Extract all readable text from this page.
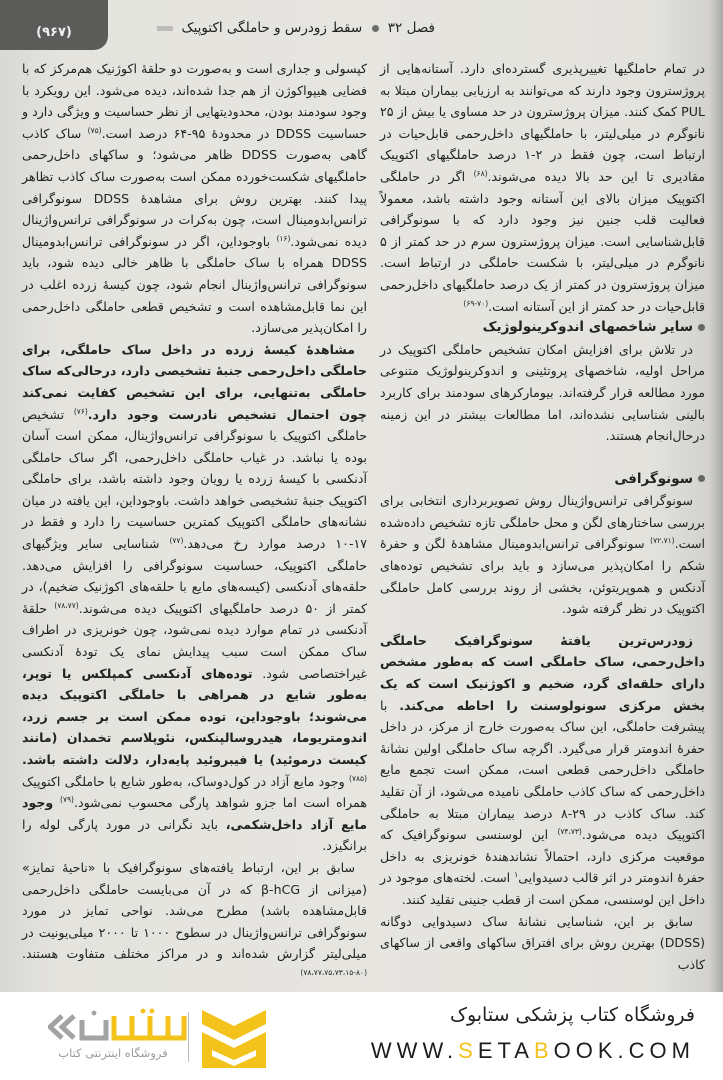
(۹۶۷)	فصل ۳۲  سقط زودرس و حاملگی اکتوپیک

در تمام حاملگیها تغییرپذیری گسترده‌ای دارد. آستانه‌هایی از پروژسترون وجود دارند که می‌توانند به ارزیابی بیماران مبتلا به PUL کمک کنند. میزان پروژسترون در حد مساوی یا بیش از ۲۵ نانوگرم در میلی‌لیتر، با حاملگیهای داخل‌رحمی قابل‌حیات در ارتباط است، چون فقط در ۲-۱ درصد حاملگیهای اکتوپیک مقادیری تا این حد بالا دیده می‌شوند.$^{(۶۸)}$ اگر در حاملگی اکتوپیک میزان بالای این آستانه وجود داشته باشد، معمولاً فعالیت قلب جنین نیز وجود دارد که با سونوگرافی قابل‌شناسایی است. میزان پروژسترون سرم در حد کمتر از ۵ نانوگرم در میلی‌لیتر، با شکست حاملگی در ارتباط است. میزان پروژسترون در کمتر از یک درصد حاملگیهای داخل‌رحمی قابل‌حیات در حد کمتر از این آستانه است.$^{(۷۰-۶۹)}$

سایر شاخصهای اندوکرینولوژیک

در تلاش برای افزایش امکان تشخیص حاملگی اکتوپیک در مراحل اولیه، شاخصهای پروتئینی و اندوکرینولوژیک متنوعی مورد مطالعه قرار گرفته‌اند. بیومارکرهای سودمند برای کاربرد بالینی شناسایی نشده‌اند، اما مطالعات بیشتر در این زمینه درحال‌انجام هستند.

سونوگرافی

سونوگرافی ترانس‌واژینال روش تصویربرداری انتخابی برای بررسی ساختارهای لگن و محل حاملگی تازه تشخیص داده‌شده است.$^{(۷۲،۷۱)}$ سونوگرافی ترانس‌ابدومینال مشاهدهٔ لگن و حفرهٔ شکم را امکان‌پذیر می‌سازد و باید برای تشخیص توده‌های آدنکس و هموپریتوئن، بخشی از روند بررسی کامل حاملگی اکتوپیک در نظر گرفته شود.

زودرس‌ترین یافتهٔ سونوگرافیک حاملگی داخل‌رحمی، ساک حاملگی است که به‌طور مشخص دارای حلقه‌ای گرد، ضخیم و اکوژنیک است که یک بخش مرکزی سونولوسنت را احاطه می‌کند. با پیشرفت حاملگی، این ساک به‌صورت خارج از مرکز، در داخل حفرهٔ اندومتر قرار می‌گیرد. اگرچه ساک حاملگی اولین نشانهٔ حاملگی داخل‌رحمی قطعی است، ممکن است تجمع مایع داخل‌رحمی که ساک کاذب حاملگی نامیده می‌شود، از آن تقلید کند. ساک کاذب در ۲۹-۸ درصد بیماران مبتلا به حاملگی اکتوپیک دیده می‌شود.$^{(۷۴،۷۳)}$ این لوسنسی سونوگرافیک که موقعیت مرکزی دارد، احتمالاً نشاندهندهٔ خونریزی به داخل حفرهٔ اندومتر در اثر قالب دسیدوایی$^۱$ است. لخته‌های موجود در داخل این لوسنسی، ممکن است از قطب جنینی تقلید کنند.

سابق بر این، شناسایی نشانهٔ ساک دسیدوایی دوگانه (DDSS) بهترین روش برای افتراق ساکهای واقعی از ساکهای کاذب

کپسولی و جداری است و به‌صورت دو حلقهٔ اکوژنیک هم‌مرکز که با فضایی هیپواکوژن از هم جدا شده‌اند، دیده می‌شود. این رویکرد با وجود سودمند بودن، محدودیتهایی از نظر حساسیت و ویژگی دارد و حساسیت DDSS در محدودهٔ ۹۵-۶۴ درصد است.$^{(۷۵)}$ ساک کاذب گاهی به‌صورت DDSS ظاهر می‌شود؛ و ساکهای داخل‌رحمی حاملگیهای شکست‌خورده ممکن است به‌صورت ساک کاذب تظاهر پیدا کنند. بهترین روش برای مشاهدهٔ DDSS سونوگرافی ترانس‌ابدومینال است، چون به‌کرات در سونوگرافی ترانس‌واژینال دیده نمی‌شود.$^{(۱۶)}$ باوجوداین، اگر در سونوگرافی ترانس‌ابدومینال DDSS همراه با ساک حاملگی با ظاهر خالی دیده شود، باید سونوگرافی ترانس‌واژینال انجام شود، چون کیسهٔ زرده اغلب در این نما قابل‌مشاهده است و تشخیص قطعی حاملگی داخل‌رحمی را امکان‌پذیر می‌سازد.

مشاهدهٔ کیسهٔ زرده در داخل ساک حاملگی، برای حاملگی داخل‌رحمی جنبهٔ تشخیصی دارد، درحالی‌که ساک حاملگی به‌تنهایی، برای این تشخیص کفایت نمی‌کند چون احتمال تشخیص نادرست وجود دارد.$^{(۷۶)}$ تشخیص حاملگی اکتوپیک با سونوگرافی ترانس‌واژینال، ممکن است آسان بوده یا نباشد. در غیاب حاملگی داخل‌رحمی، اگر ساک حاملگی آدنکسی با کیسهٔ زرده یا رویان وجود داشته باشد، برای حاملگی اکتوپیک جنبهٔ تشخیصی خواهد داشت. باوجوداین، این یافته در میان نشانه‌های حاملگی اکتوپیک کمترین حساسیت را دارد و فقط در ۱۷-۱۰ درصد موارد رخ می‌دهد.$^{(۷۷)}$ شناسایی سایر ویژگیهای حاملگی اکتوپیک، حساسیت سونوگرافی را افزایش می‌دهد. حلقه‌های آدنکسی (کیسه‌های مایع با حلقه‌های اکوژنیک ضخیم)، در کمتر از ۵۰ درصد حاملگیهای اکتوپیک دیده می‌شوند.$^{(۷۸،۷۷)}$ حلقهٔ آدنکسی در تمام موارد دیده نمی‌شود، چون خونریزی در اطراف ساک ممکن است سبب پیدایش نمای یک تودهٔ آدنکسی غیراختصاصی شود. توده‌های آدنکسی کمپلکس یا توپر، به‌طور شایع در همراهی با حاملگی اکتوپیک دیده می‌شوند؛ باوجوداین، توده ممکن است بر جسم زرد، اندومتریوما، هیدروسالپنکس، نئوپلاسم تخمدان (مانند کیست درموئید) یا فیبروئید پایه‌دار، دلالت داشته باشد.$^{(۷۸۵)}$ وجود مایع آزاد در کول‌دوساک، به‌طور شایع با حاملگی اکتوپیک همراه است اما جزو شواهد پارگی محسوب نمی‌شود.$^{(۷۹)}$ وجود مایع آزاد داخل‌شکمی، باید نگرانی در مورد پارگی لوله را برانگیزد.

سابق بر این، ارتباط یافته‌های سونوگرافیک با «ناحیهٔ تمایز» (میزانی از β-hCG که در آن می‌بایست حاملگی داخل‌رحمی قابل‌مشاهده باشد) مطرح می‌شد. نواحی تمایز در مورد سونوگرافی ترانس‌واژینال در سطوح ۱۰۰۰ تا ۲۰۰۰ میلی‌یونیت در میلی‌لیتر گزارش شده‌اند و در مراکز مختلف متفاوت هستند.$^{(۸۰-۷۸،۷۷،۷۵،۷۳،۱۵)}$

فروشگاه اینترنتی کتاب
فروشگاه کتاب پزشکی ستابوک
WWW.SETABOOK.COM
